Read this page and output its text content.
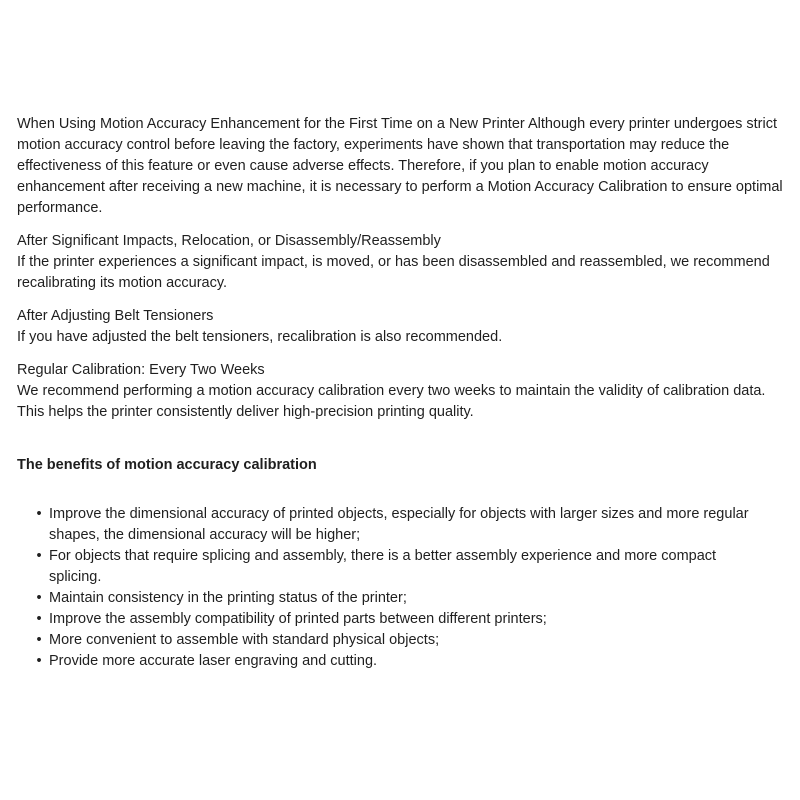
When Using Motion Accuracy Enhancement for the First Time on a New Printer Although every printer undergoes strict motion accuracy control before leaving the factory, experiments have shown that transportation may reduce the effectiveness of this feature or even cause adverse effects. Therefore, if you plan to enable motion accuracy enhancement after receiving a new machine, it is necessary to perform a Motion Accuracy Calibration to ensure optimal performance.

After Significant Impacts, Relocation, or Disassembly/Reassembly

If the printer experiences a significant impact, is moved, or has been disassembled and reassembled, we recommend recalibrating its motion accuracy.

After Adjusting Belt Tensioners

If you have adjusted the belt tensioners, recalibration is also recommended.

Regular Calibration: Every Two Weeks

We recommend performing a motion accuracy calibration every two weeks to maintain the validity of calibration data. This helps the printer consistently deliver high-precision printing quality.

The benefits of motion accuracy calibration
• Improve the dimensional accuracy of printed objects, especially for objects with larger sizes and more regular shapes, the dimensional accuracy will be higher;
• For objects that require splicing and assembly, there is a better assembly experience and more compact splicing.
• Maintain consistency in the printing status of the printer;
• Improve the assembly compatibility of printed parts between different printers;
• More convenient to assemble with standard physical objects;
• Provide more accurate laser engraving and cutting.
